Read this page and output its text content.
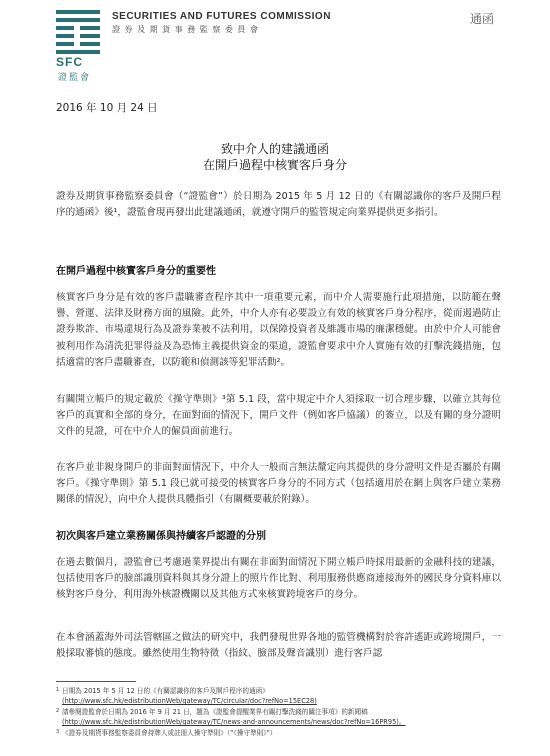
SFC
證監會
SECURITIES AND FUTURES COMMISSION
證 券 及 期 貨 事 務 監 察 委 員 會
通函
2016 年 10 月 24 日
致中介人的建議通函
在開戶過程中核實客戶身分
證券及期貨事務監察委員會（“證監會”）於日期為 2015 年 5 月 12 日的《有關認識你的客戶及開戶程序的通函》後¹，證監會現再發出此建議通函，就遵守開戶的監管規定向業界提供更多指引。
在開戶過程中核實客戶身分的重要性
核實客戶身分是有效的客戶盡職審查程序其中一項重要元素，而中介人需要施行此項措施，以防範在聲譽、營運、法律及財務方面的風險。此外，中介人亦有必要設立有效的核實客戶身分程序，從而遏過防止證券欺詐、市場違規行為及證券業被不法利用，以保障投資者及維護市場的廉潔穩健。由於中介人可能會被利用作為清洗犯罪得益及為恐怖主義提供資金的渠道，證監會要求中介人實施有效的打擊洗錢措施，包括適當的客戶盡職審查，以防範和偵測該等犯罪活動²。
有關開立帳戶的規定載於《操守準則》³第 5.1 段，當中規定中介人須採取一切合理步驟，以確立其每位客戶的真實和全部的身分，在面對面的情況下，開戶文件（例如客戶協議）的簽立，以及有關的身分證明文件的見證，可在中介人的僱員面前進行。
在客戶並非親身開戶的非面對面情況下，中介人一般而言無法釐定向其提供的身分證明文件是否屬於有關客戶。《操守準則》第 5.1 段已就可接受的核實客戶身分的不同方式（包括適用於在網上與客戶建立業務關係的情況），向中介人提供具體指引（有關概要載於附錄）。
初次與客戶建立業務關係與持續客戶認證的分別
在過去數個月，證監會已考慮過業界提出有關在非面對面情況下開立帳戶時採用最新的金融科技的建議，包括使用客戶的臉部識別資料與其身分證上的照片作比對、利用服務供應商連接海外的國民身分資料庫以核對客戶身分、利用海外核證機關以及其他方式來核實跨境客戶的身分。
在本會涵蓋海外司法管轄區之做法的研究中，我們發現世界各地的監管機構對於容許遙距或跨境開戶，一般採取審慎的態度。雖然使用生物特徵（指紋、臉部及聲音識別）進行客戶認
1 日期為 2015 年 5 月 12 日的《有關認識你的客戶及開戶程序的通函》
(http://www.sfc.hk/edistributionWeb/gateway/TC/circular/doc?refNo=15EC28)
2 請參閱證監會於日期為 2016 年 9 月 21 日，題為《證監會提醒業界有關打擊洗錢的關注事項》的新聞稿
(http://www.sfc.hk/edistributionWeb/gateway/TC/news-and-announcements/news/doc?refNo=16PR95)。
3 《證券及期貨事務監察委員會持牌人或註冊人操守準則》（“《操守準則》”）
